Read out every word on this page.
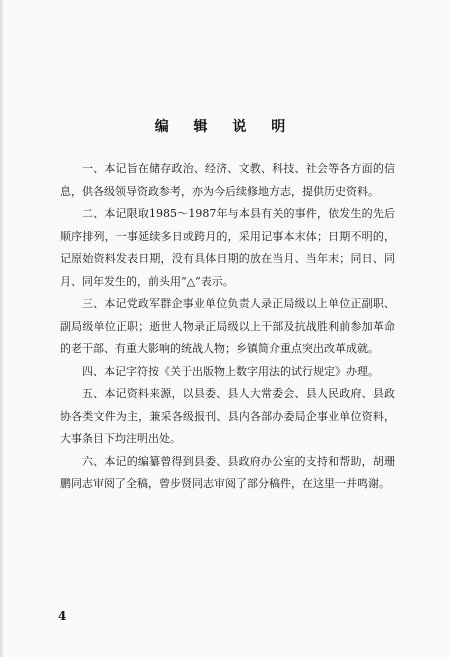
编 辑 说 明

一、本记旨在储存政治、经济、文教、科技、社会等各方面的信息，供各级领导资政参考，亦为今后续修地方志，提供历史资料。

二、本记限取1985～1987年与本县有关的事件，依发生的先后顺序排列，一事延续多日或跨月的，采用记事本末体；日期不明的，记原始资料发表日期，没有具体日期的放在当月、当年末；同日、同月、同年发生的，前头用“△”表示。

三、本记党政军群企事业单位负责人录正局级以上单位正副职、副局级单位正职；逝世人物录正局级以上干部及抗战胜利前参加革命的老干部、有重大影响的统战人物；乡镇简介重点突出改革成就。

四、本记字符按《关于出版物上数字用法的试行规定》办理。

五、本记资料来源，以县委、县人大常委会、县人民政府、县政协各类文件为主，兼采各级报刊、县内各部办委局企事业单位资料，大事条目下均注明出处。

六、本记的编纂曾得到县委、县政府办公室的支持和帮助，胡珊鹏同志审阅了全稿，曾步贤同志审阅了部分稿件，在这里一并鸣谢。

4
